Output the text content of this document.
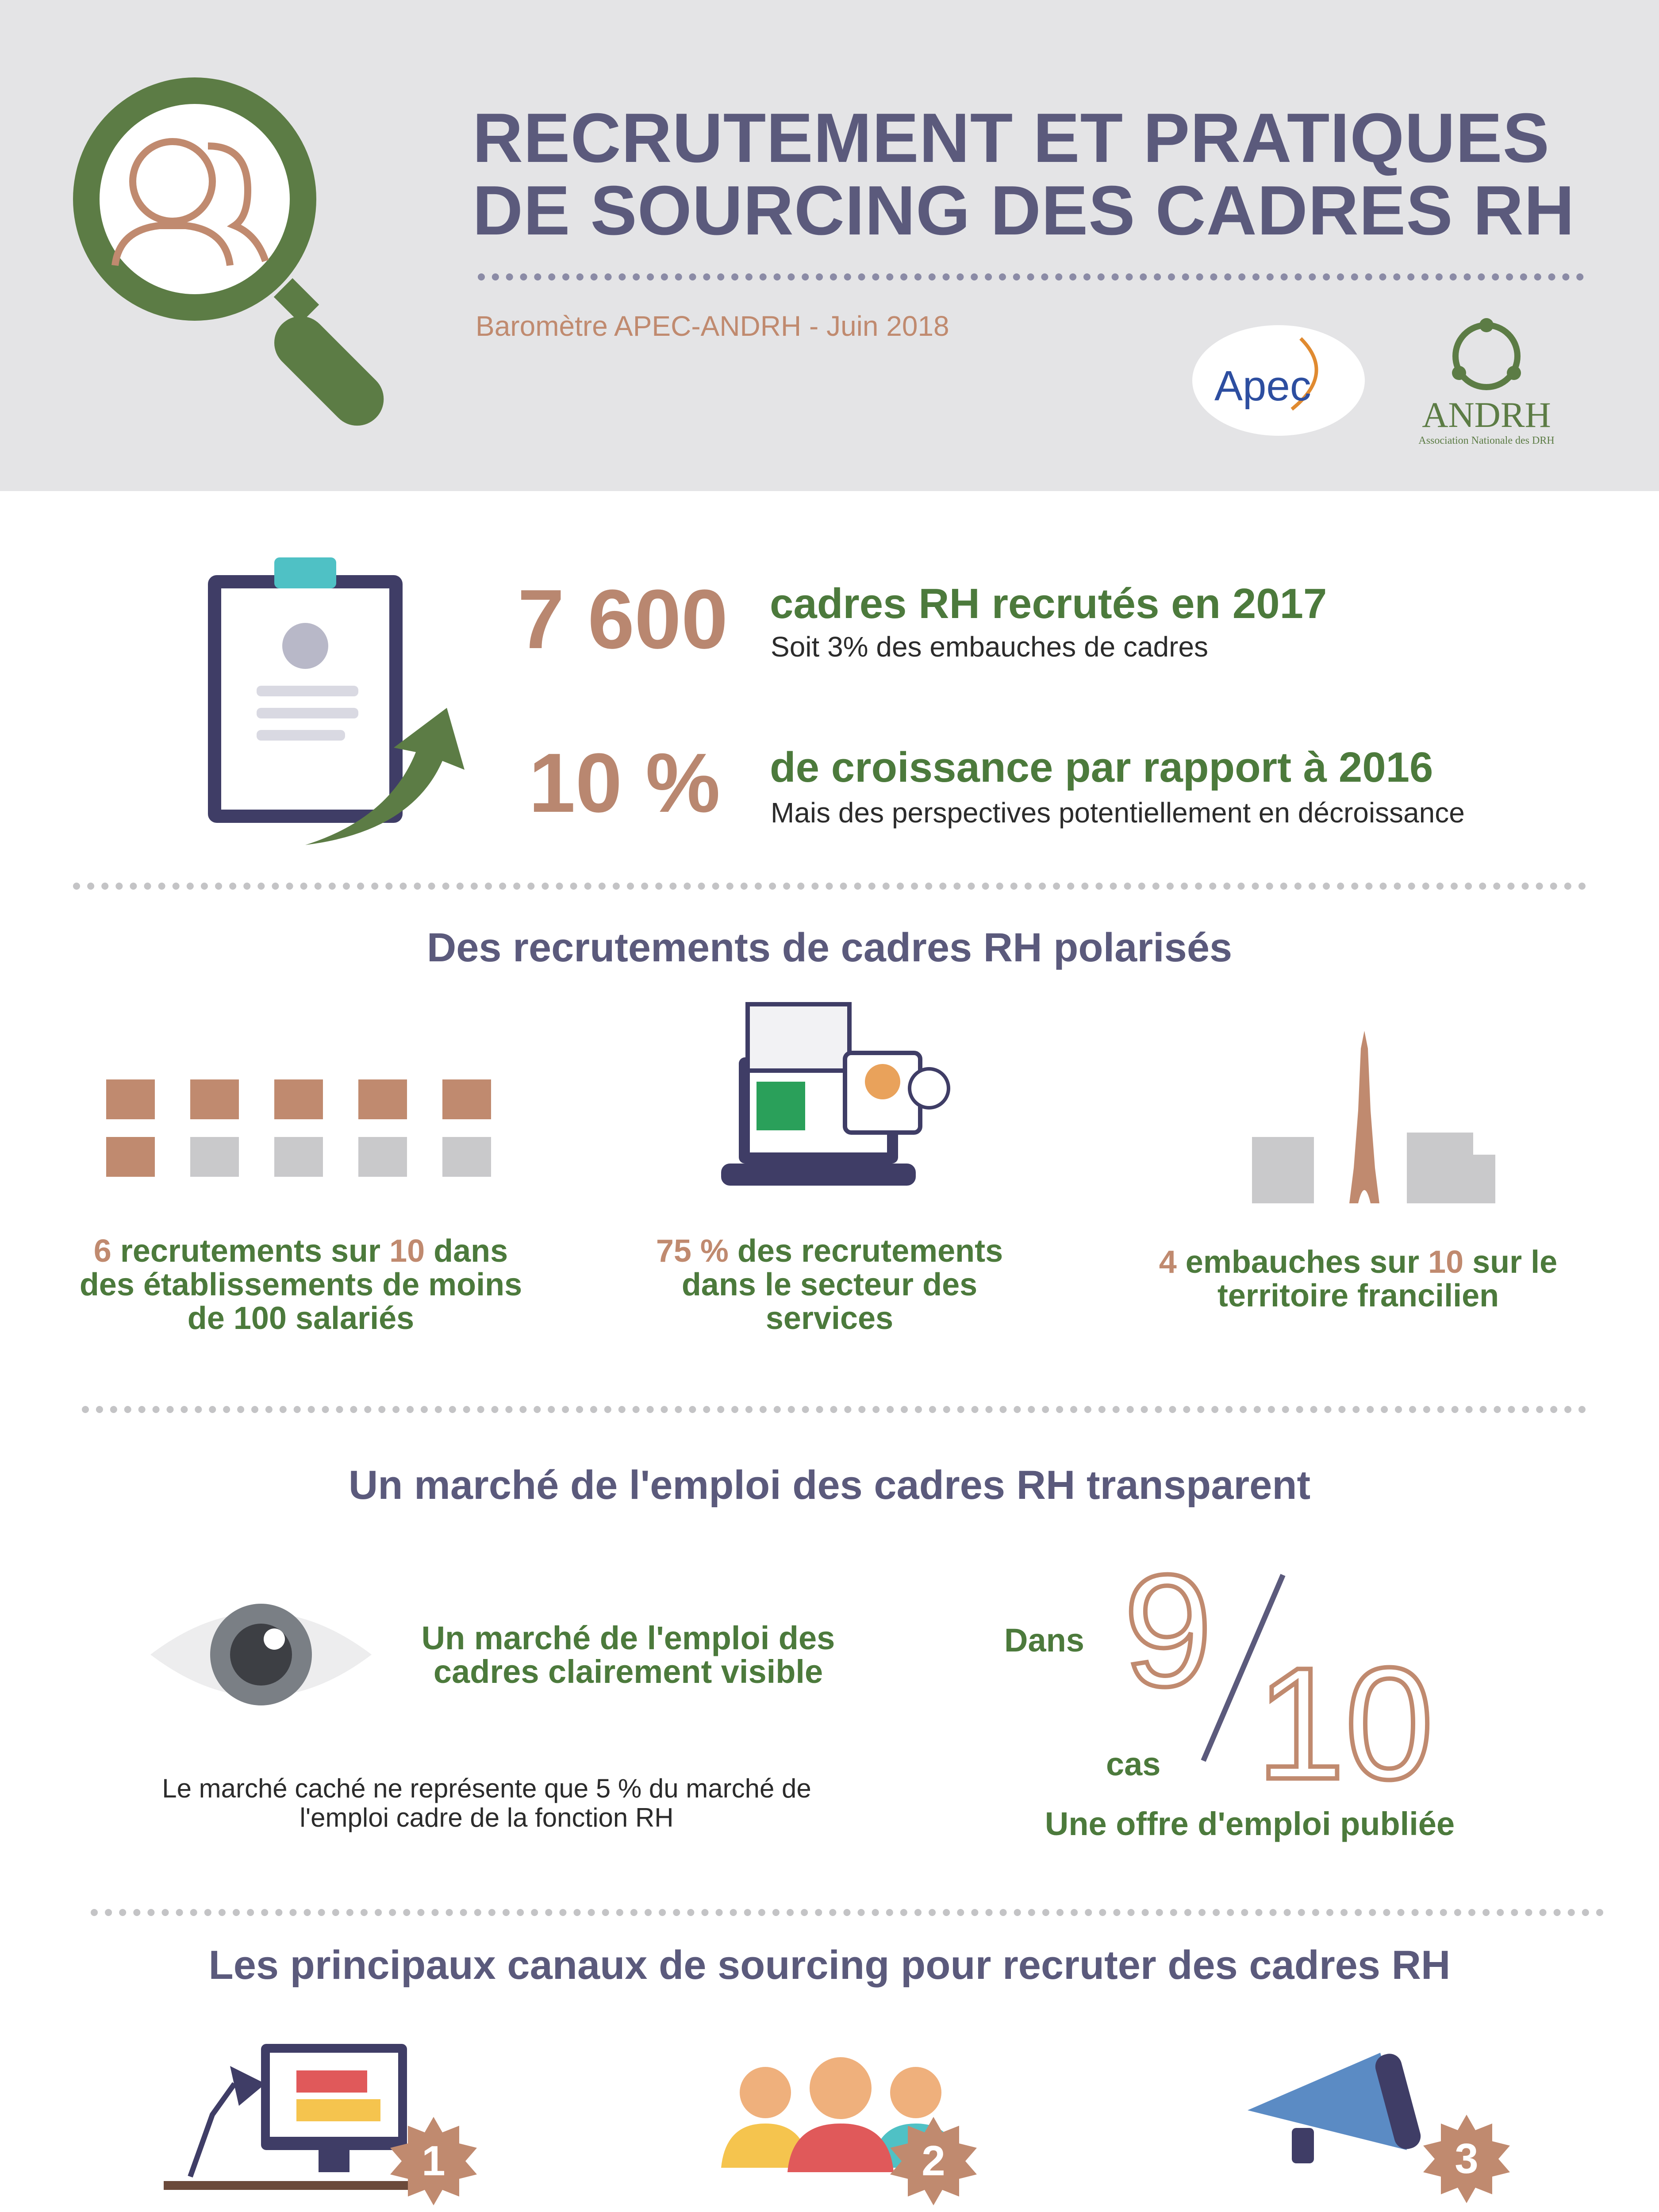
RECRUTEMENT ET PRATIQUES
DE SOURCING DES CADRES RH
Baromètre APEC-ANDRH - Juin 2018
Apec
ANDRH
Association Nationale des DRH
7 600 cadres RH recrutés en 2017
Soit 3% des embauches de cadres
10 % de croissance par rapport à 2016
Mais des perspectives potentiellement en décroissance
Des recrutements de cadres RH polarisés
6 recrutements sur 10 dans des établissements de moins de 100 salariés
75 % des recrutements dans le secteur des services
4 embauches sur 10 sur le territoire francilien
Un marché de l'emploi des cadres RH transparent
Un marché de l'emploi des cadres clairement visible
Le marché caché ne représente que 5 % du marché de l'emploi cadre de la fonction RH
Dans 9
10
cas
Une offre d'emploi publiée
Les principaux canaux de sourcing pour recruter des cadres RH
1	2	3
